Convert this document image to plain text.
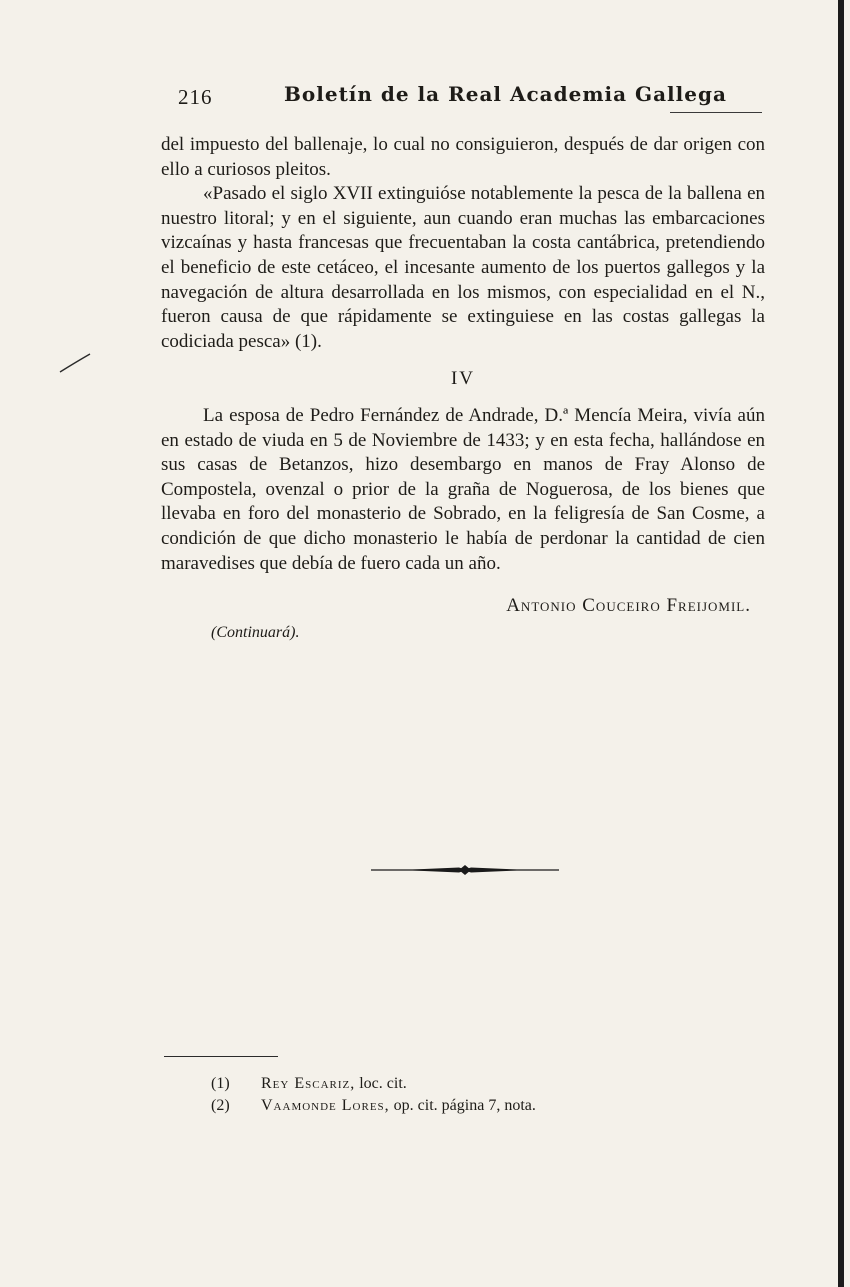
216	Boletín de la Real Academia Gallega

del impuesto del ballenaje, lo cual no consiguieron, después de dar origen con ello a curiosos pleitos.

«Pasado el siglo XVII extinguióse notablemente la pesca de la ballena en nuestro litoral; y en el siguiente, aun cuando eran muchas las embarcaciones vizcaínas y hasta francesas que frecuentaban la costa cantábrica, pretendiendo el beneficio de este cetáceo, el incesante aumento de los puertos gallegos y la navegación de altura desarrollada en los mismos, con especialidad en el N., fueron causa de que rápidamente se extinguiese en las costas gallegas la codiciada pesca» (1).

IV

La esposa de Pedro Fernández de Andrade, D.ª Mencía Meira, vivía aún en estado de viuda en 5 de Noviembre de 1433; y en esta fecha, hallándose en sus casas de Betanzos, hizo desembargo en manos de Fray Alonso de Compostela, ovenzal o prior de la graña de Noguerosa, de los bienes que llevaba en foro del monasterio de Sobrado, en la feligresía de San Cosme, a condición de que dicho monasterio le había de perdonar la cantidad de cien maravedises que debía de fuero cada un año.

Antonio Couceiro Freijomil.

(Continuará).

(1) Rey Escariz, loc. cit.
(2) Vaamonde Lores, op. cit. página 7, nota.
